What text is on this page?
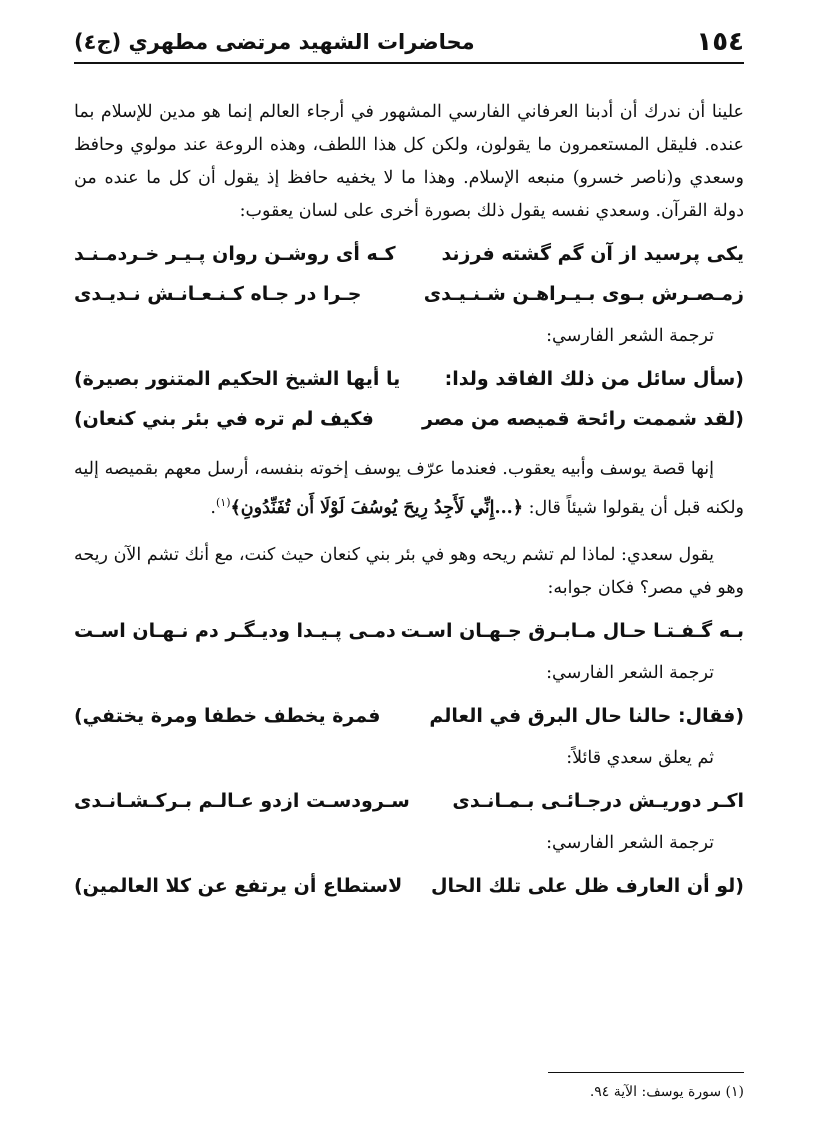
١٥٤
محاضرات الشهيد مرتضى مطهري (ج٤)

علينا أن ندرك أن أدبنا العرفاني الفارسي المشهور في أرجاء العالم إنما هو مدين للإسلام بما عنده. فليقل المستعمرون ما يقولون، ولكن كل هذا اللطف، وهذه الروعة عند مولوي وحافظ وسعدي و(ناصر خسرو) منبعه الإسلام. وهذا ما لا يخفيه حافظ إذ يقول أن كل ما عنده من دولة القرآن. وسعدي نفسه يقول ذلك بصورة أخرى على لسان يعقوب:

يكى پرسيد از آن گم گشته فرزند
كـه أى روشـن روان پـيـر خـردمـنـد
زمـصـرش بـوى بـيـراهـن شـنـيـدى
جـرا در جـاه كـنـعـانـش نـديـدى

ترجمة الشعر الفارسي:

(سأل سائل من ذلك الفاقد ولدا:
يا أيها الشيخ الحكيم المتنور بصيرة)
(لقد شممت رائحة قميصه من مصر
فكيف لم تره في بئر بني كنعان)

إنها قصة يوسف وأبيه يعقوب. فعندما عرّف يوسف إخوته بنفسه، أرسل معهم بقميصه إليه ولكنه قبل أن يقولوا شيئاً قال: ﴿...إِنِّي لَأَجِدُ رِيحَ يُوسُفَ لَوْلَا أَن تُفَنِّدُونِ﴾$^{(١)}$.

يقول سعدي: لماذا لم تشم ريحه وهو في بئر بني كنعان حيث كنت، مع أنك تشم الآن ريحه وهو في مصر؟ فكان جوابه:

بـه گـفـتـا حـال مـابـرق جـهـان اسـت
دمـى پـيـدا وديـگـر دم نـهـان اسـت

ترجمة الشعر الفارسي:

(فقال: حالنا حال البرق في العالم
فمرة يخطف خطفا ومرة يختفي)

ثم يعلق سعدي قائلاً:

اكـر دوريـش درجـائـى بـمـانـدى
سـرودسـت ازدو عـالـم بـركـشـانـدى

ترجمة الشعر الفارسي:

(لو أن العارف ظل على تلك الحال
لاستطاع أن يرتفع عن كلا العالمين)
(١) سورة يوسف: الآية ٩٤.
